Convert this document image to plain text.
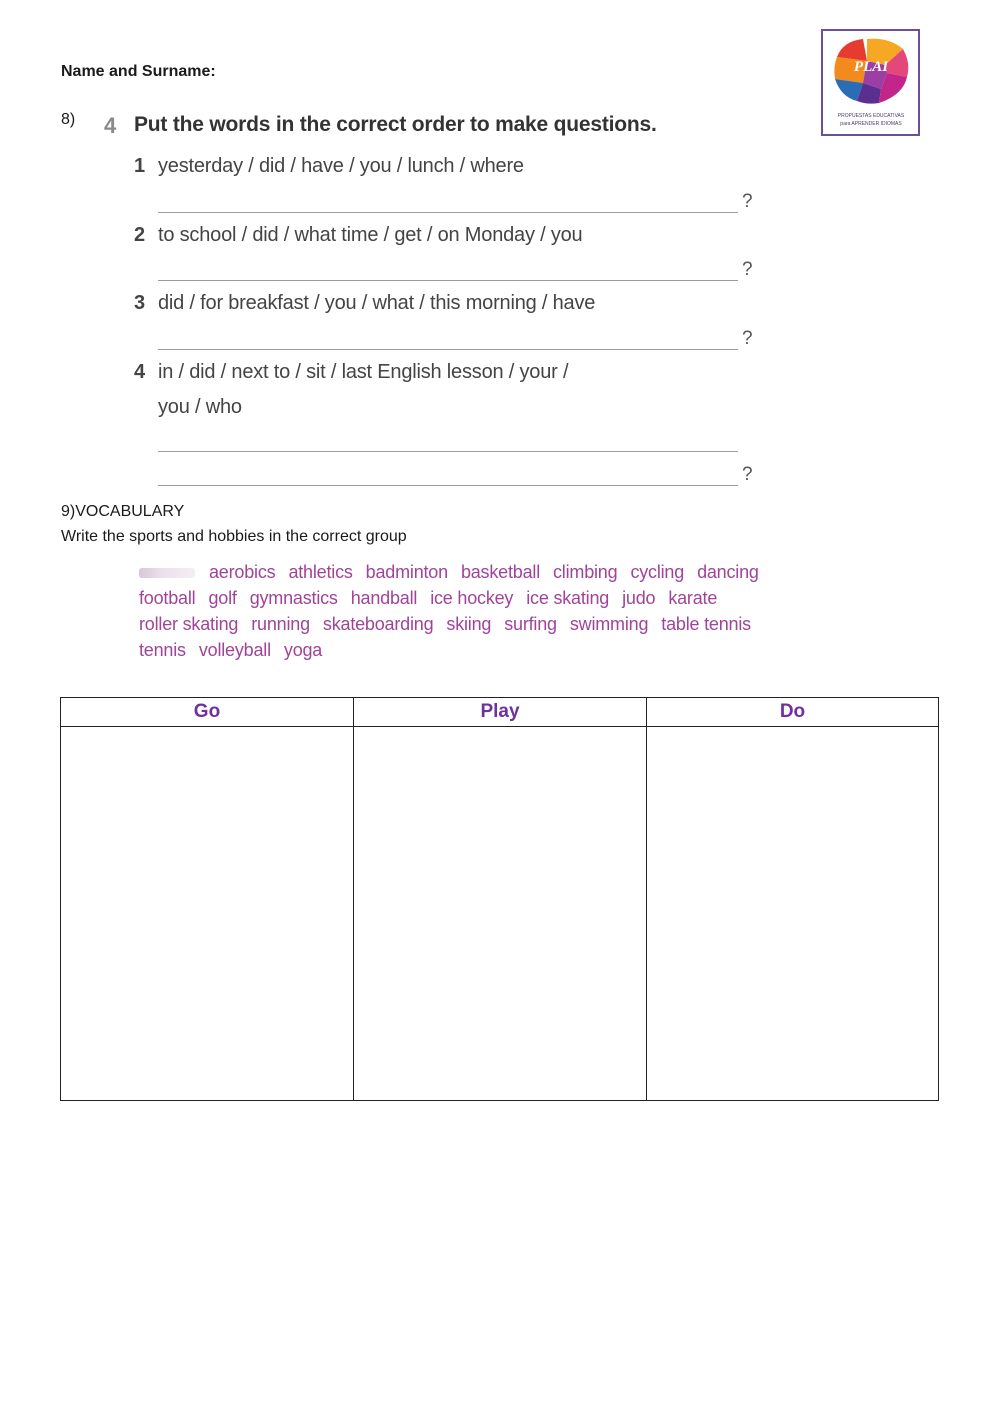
Name and Surname:	PLAI
PROPUESTAS EDUCATIVAS
para APRENDER IDIOMAS
8) 4 Put the words in the correct order to make questions.
1 yesterday / did / have / you / lunch / where
?
2 to school / did / what time / get / on Monday / you
?
3 did / for breakfast / you / what / this morning / have
?
4 in / did / next to / sit / last English lesson / your /
you / who
?
9)VOCABULARY
Write the sports and hobbies in the correct group
aerobics athletics badminton basketball climbing cycling dancing
football golf gymnastics handball ice hockey ice skating judo karate
roller skating running skateboarding skiing surfing swimming table tennis
tennis volleyball yoga
Go	Play	Do
